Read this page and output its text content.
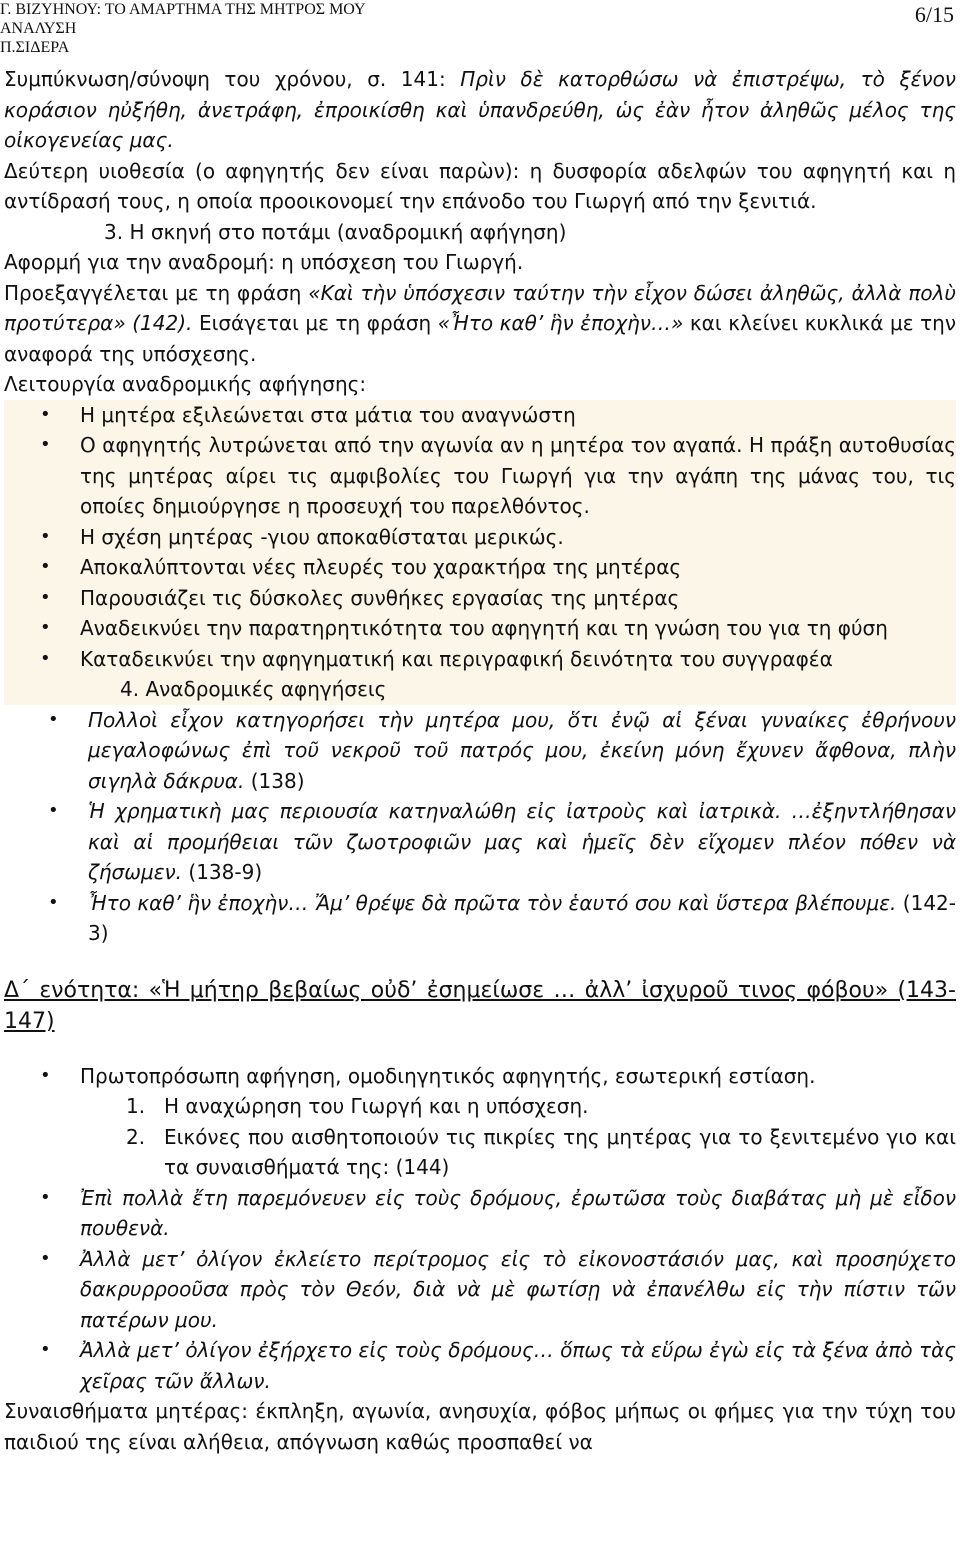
Γ. ΒΙΖΥΗΝΟΥ: ΤΟ ΑΜΑΡΤΗΜΑ ΤΗΣ ΜΗΤΡΟΣ ΜΟΥ
ΑΝΑΛΥΣΗ
Π.ΣΙΔΕΡΑ
6/15

Συμπύκνωση/σύνοψη του χρόνου, σ. 141: Πρὶν δὲ κατορθώσω νὰ ἐπιστρέψω, τὸ ξένον κοράσιον ηὐξήθη, ἀνετράφη, ἐπροικίσθη καὶ ὑπανδρεύθη, ὡς ἐὰν ἦτον ἀληθῶς μέλος της οἰκογενείας μας.

Δεύτερη υιοθεσία (ο αφηγητής δεν είναι παρὼν): η δυσφορία αδελφών του αφηγητή και η αντίδρασή τους, η οποία προοικονομεί την επάνοδο του Γιωργή από την ξενιτιά.

3. Η σκηνή στο ποτάμι (αναδρομική αφήγηση)

Αφορμή για την αναδρομή: η υπόσχεση του Γιωργή.

Προεξαγγέλεται με τη φράση «Καὶ τὴν ὑπόσχεσιν ταύτην τὴν εἶχον δώσει ἀληθῶς, ἀλλὰ πολὺ προτύτερα» (142). Εισάγεται με τη φράση «Ἦτο καθ’ ἣν ἐποχὴν…» και κλείνει κυκλικά με την αναφορά της υπόσχεσης.

Λειτουργία αναδρομικής αφήγησης:

• Η μητέρα εξιλεώνεται στα μάτια του αναγνώστη
• Ο αφηγητής λυτρώνεται από την αγωνία αν η μητέρα τον αγαπά. Η πράξη αυτοθυσίας της μητέρας αίρει τις αμφιβολίες του Γιωργή για την αγάπη της μάνας του, τις οποίες δημιούργησε η προσευχή του παρελθόντος.
• Η σχέση μητέρας -γιου αποκαθίσταται μερικώς.
• Αποκαλύπτονται νέες πλευρές του χαρακτήρα της μητέρας
• Παρουσιάζει τις δύσκολες συνθήκες εργασίας της μητέρας
• Αναδεικνύει την παρατηρητικότητα του αφηγητή και τη γνώση του για τη φύση
• Καταδεικνύει την αφηγηματική και περιγραφική δεινότητα του συγγραφέα

4. Αναδρομικές αφηγήσεις

• Πολλοὶ εἶχον κατηγορήσει τὴν μητέρα μου, ὅτι ἐνῷ αἱ ξέναι γυναίκες ἐθρήνουν μεγαλοφώνως ἐπὶ τοῦ νεκροῦ τοῦ πατρός μου, ἐκείνη μόνη ἔχυνεν ἄφθονα, πλὴν σιγηλὰ δάκρυα. (138)
• Ἡ χρηματικὴ μας περιουσία κατηναλώθη εἰς ἰατροὺς καὶ ἰατρικὰ. …ἐξηντλήθησαν καὶ αἱ προμήθειαι τῶν ζωοτροφιῶν μας καὶ ἡμεῖς δὲν εἴχομεν πλέον πόθεν νὰ ζήσωμεν. (138-9)
• Ἦτο καθ’ ἣν ἐποχὴν… Ἄμ’ θρέψε δὰ πρῶτα τὸν ἑαυτό σου καὶ ὕστερα βλέπουμε. (142-3)

Δ΄ ενότητα: «Ἡ μήτηρ βεβαίως οὐδ’ ἐσημείωσε … ἀλλ’ ἰσχυροῦ τινος φόβου» (143-147)

• Πρωτοπρόσωπη αφήγηση, ομοδιηγητικός αφηγητής, εσωτερική εστίαση.
1. Η αναχώρηση του Γιωργή και η υπόσχεση.
2. Εικόνες που αισθητοποιούν τις πικρίες της μητέρας για το ξενιτεμένο γιο και τα συναισθήματά της: (144)
• Ἐπὶ πολλὰ ἔτη παρεμόνευεν εἰς τοὺς δρόμους, ἐρωτῶσα τοὺς διαβάτας μὴ μὲ εἶδον πουθενὰ.
• Ἀλλὰ μετ’ ὀλίγον ἐκλείετο περίτρομος εἰς τὸ εἰκονοστάσιόν μας, καὶ προσηύχετο δακρυρροοῦσα πρὸς τὸν Θεόν, διὰ νὰ μὲ φωτίσῃ νὰ ἐπανέλθω εἰς τὴν πίστιν τῶν πατέρων μου.
• Ἀλλὰ μετ’ ὀλίγον ἐξήρχετο εἰς τοὺς δρόμους… ὅπως τὰ εὕρω ἐγὼ εἰς τὰ ξένα ἀπὸ τὰς χεῖρας τῶν ἄλλων.

Συναισθήματα μητέρας: έκπληξη, αγωνία, ανησυχία, φόβος μήπως οι φήμες για την τύχη του παιδιού της είναι αλήθεια, απόγνωση καθώς προσπαθεί να
